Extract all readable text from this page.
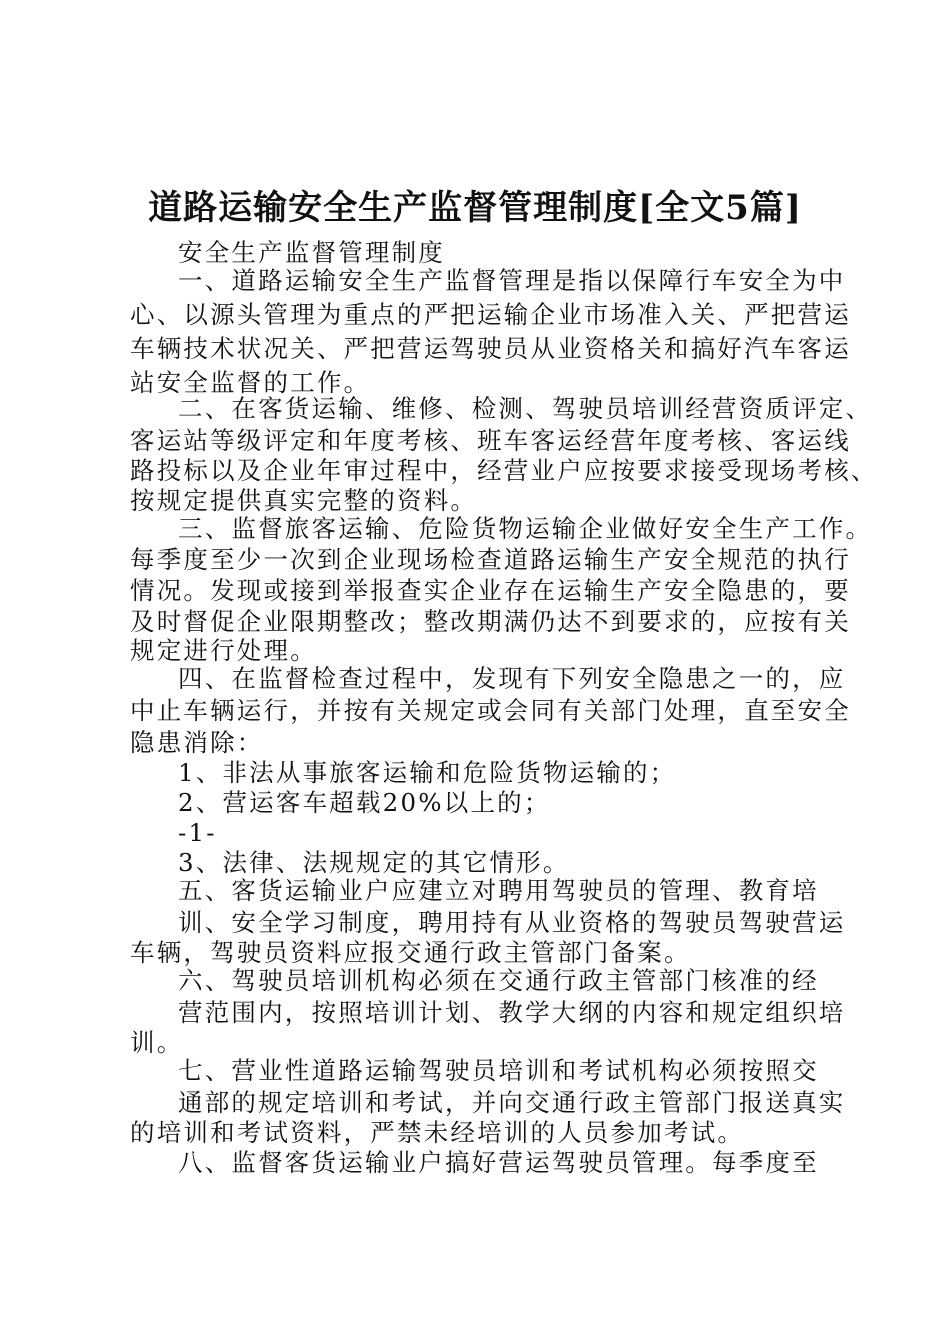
道路运输安全生产监督管理制度[全文5篇]
安全生产监督管理制度
一、道路运输安全生产监督管理是指以保障行车安全为中
心、以源头管理为重点的严把运输企业市场准入关、严把营运
车辆技术状况关、严把营运驾驶员从业资格关和搞好汽车客运
站安全监督的工作。
二、在客货运输、维修、检测、驾驶员培训经营资质评定、
客运站等级评定和年度考核、班车客运经营年度考核、客运线
路投标以及企业年审过程中，经营业户应按要求接受现场考核、
按规定提供真实完整的资料。
三、监督旅客运输、危险货物运输企业做好安全生产工作。
每季度至少一次到企业现场检查道路运输生产安全规范的执行
情况。发现或接到举报查实企业存在运输生产安全隐患的，要
及时督促企业限期整改；整改期满仍达不到要求的，应按有关
规定进行处理。
四、在监督检查过程中，发现有下列安全隐患之一的，应
中止车辆运行，并按有关规定或会同有关部门处理，直至安全
隐患消除：
1、非法从事旅客运输和危险货物运输的；
2、营运客车超载20%以上的；
-1-
3、法律、法规规定的其它情形。
五、客货运输业户应建立对聘用驾驶员的管理、教育培
训、安全学习制度，聘用持有从业资格的驾驶员驾驶营运
车辆，驾驶员资料应报交通行政主管部门备案。
六、驾驶员培训机构必须在交通行政主管部门核准的经
营范围内，按照培训计划、教学大纲的内容和规定组织培
训。
七、营业性道路运输驾驶员培训和考试机构必须按照交
通部的规定培训和考试，并向交通行政主管部门报送真实
的培训和考试资料，严禁未经培训的人员参加考试。
八、监督客货运输业户搞好营运驾驶员管理。每季度至
